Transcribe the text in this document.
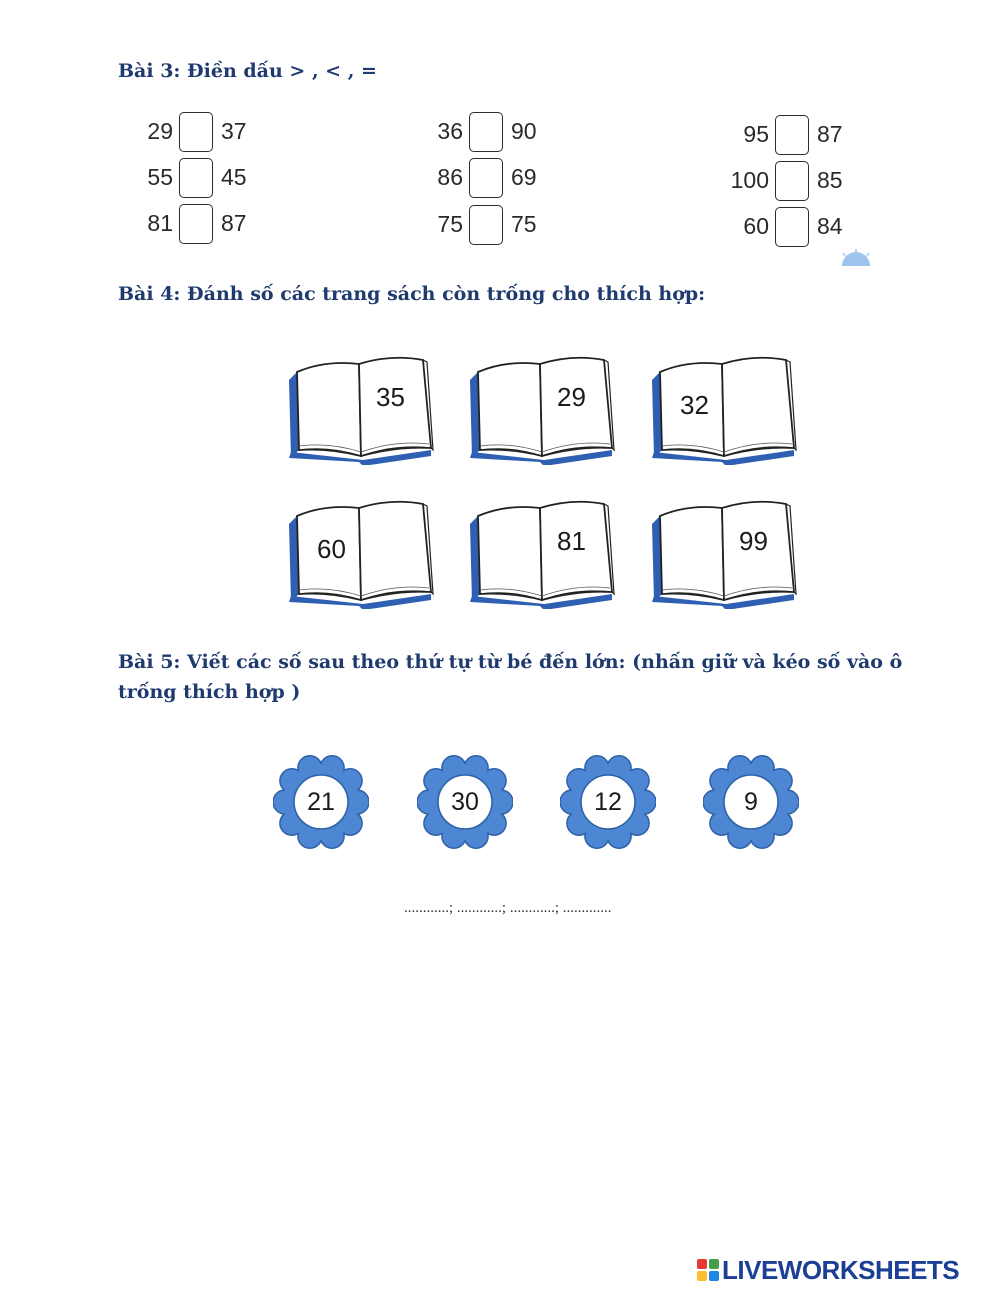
Bài 3: Điền dấu > , < , =
29 37
55 45
81 87
36 90
86 69
75 75
95 87
100 85
60 84
Bài 4: Đánh số các trang sách còn trống cho thích hợp:
35	29	32
60	81	99
Bài 5: Viết các số sau theo thứ tự từ bé đến lớn: (nhấn giữ và kéo số vào ô
trống thích hợp )
21	30	12	9
............; ............; ............; .............
LIVEWORKSHEETS
